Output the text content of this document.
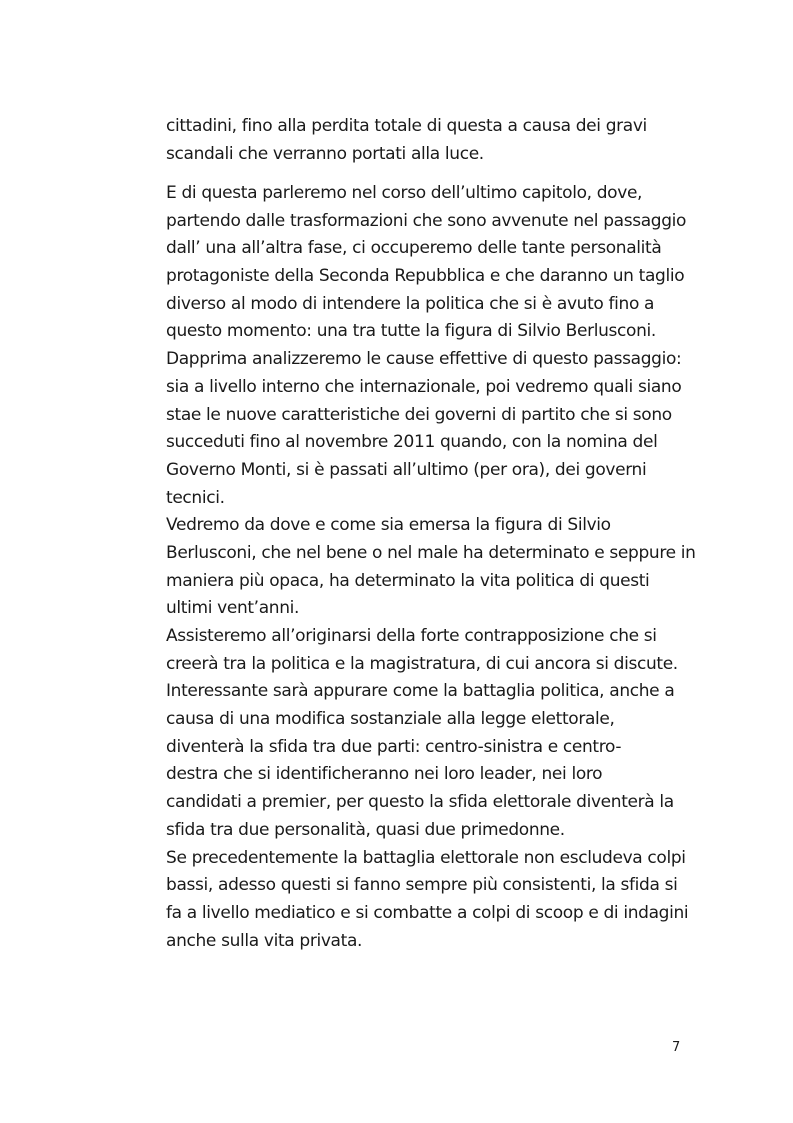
cittadini, fino alla perdita totale di questa a causa dei gravi
scandali che verranno portati alla luce.
E di questa parleremo nel corso dell’ultimo capitolo, dove,
partendo dalle trasformazioni che sono avvenute nel passaggio
dall’ una all’altra fase, ci occuperemo delle tante personalità
protagoniste della Seconda Repubblica e che daranno un taglio
diverso al modo di intendere la politica che si è avuto fino a
questo momento: una tra tutte la figura di Silvio Berlusconi.
Dapprima analizzeremo le cause effettive di questo passaggio:
sia a livello interno che internazionale, poi vedremo quali siano
stae le nuove caratteristiche dei governi di partito che si sono
succeduti fino al novembre 2011 quando, con la nomina del
Governo Monti, si è passati all’ultimo (per ora), dei governi
tecnici.
Vedremo da dove e come sia emersa la figura di Silvio
Berlusconi, che nel bene o nel male ha determinato e seppure in
maniera più opaca, ha determinato la vita politica di questi
ultimi vent’anni.
Assisteremo all’originarsi della forte contrapposizione che si
creerà tra la politica e la magistratura, di cui ancora si discute.
Interessante sarà appurare come la battaglia politica, anche a
causa di una modifica sostanziale alla legge elettorale,
diventerà la sfida tra due parti: centro-sinistra e centro-
destra che si identificheranno nei loro leader, nei loro
candidati a premier, per questo la sfida elettorale diventerà la
sfida tra due personalità, quasi due primedonne.
Se precedentemente la battaglia elettorale non escludeva colpi
bassi, adesso questi si fanno sempre più consistenti, la sfida si
fa a livello mediatico e si combatte a colpi di scoop e di indagini
anche sulla vita privata.
7
